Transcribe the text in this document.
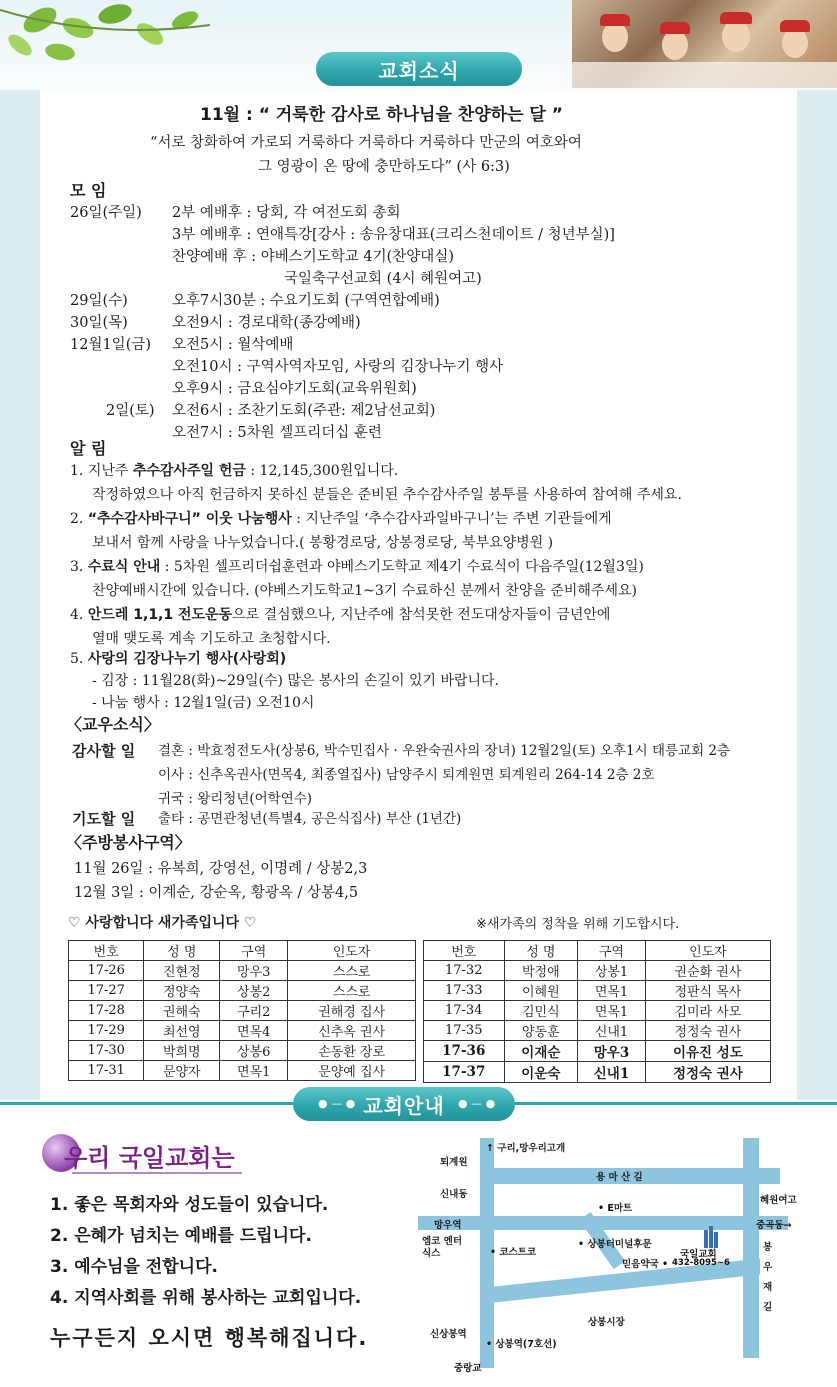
교회소식
11월 : “ 거룩한 감사로 하나님을 찬양하는 달 ”
“서로 창화하여 가로되 거룩하다 거룩하다 거룩하다 만군의 여호와여
그 영광이 온 땅에 충만하도다” (사 6:3)
모 임
26일(주일) 2부 예배후 : 당회, 각 여전도회 총회
3부 예배후 : 연애특강[강사 : 송유창대표(크리스천데이트 / 청년부실)]
찬양예배 후 : 야베스기도학교 4기(찬양대실)
국일축구선교회 (4시 혜원여고)
29일(수)	오후7시30분 : 수요기도회 (구역연합예배)
30일(목)	오전9시 : 경로대학(종강예배)
12월1일(금) 오전5시 : 월삭예배
오전10시 : 구역사역자모임, 사랑의 김장나누기 행사
오후9시 : 금요심야기도회(교육위원회)
2일(토) 오전6시 : 조찬기도회(주관: 제2남선교회)
오전7시 : 5차원 셀프리더십 훈련
알 림
1. 지난주 추수감사주일 헌금 : 12,145,300원입니다.
작정하였으나 아직 헌금하지 못하신 분들은 준비된 추수감사주일 봉투를 사용하여 참여해 주세요.
2. “추수감사바구니” 이웃 나눔행사 : 지난주일 ‘추수감사과일바구니’는 주변 기관들에게
보내서 함께 사랑을 나누었습니다.( 봉황경로당, 상봉경로당, 북부요양병원 )
3. 수료식 안내 : 5차원 셀프리더쉽훈련과 야베스기도학교 제4기 수료식이 다음주일(12월3일)
찬양예배시간에 있습니다. (야베스기도학교1~3기 수료하신 분께서 찬양을 준비해주세요)
4. 안드레 1,1,1 전도운동으로 결심했으나, 지난주에 참석못한 전도대상자들이 금년안에
열매 맺도록 계속 기도하고 초청합시다.
5. 사랑의 김장나누기 행사(사랑회)
- 김장 : 11월28(화)~29일(수) 많은 봉사의 손길이 있기 바랍니다.
- 나눔 행사 : 12월1일(금) 오전10시
〈교우소식〉
감사할 일 결혼 : 박효정전도사(상봉6, 박수민집사 · 우완숙권사의 장녀) 12월2일(토) 오후1시 태릉교회 2층
이사 : 신추옥권사(면목4, 최종열집사) 남양주시 퇴계원면 퇴계원리 264-14 2층 2호
귀국 : 왕리청년(어학연수)
기도할 일 출타 : 공면관청년(특별4, 공은식집사) 부산 (1년간)
〈주방봉사구역〉
11월 26일 : 유복희, 강영선, 이명례 / 상봉2,3
12월 3일 : 이계순, 강순옥, 황광옥 / 상봉4,5
♡ 사랑합니다 새가족입니다 ♡	※새가족의 정착을 위해 기도합시다.
번호	성 명	구역	인도자
17-26	진현정	망우3	스스로
17-27	정양숙	상봉2	스스로
17-28	권해숙	구리2	권해경 집사
17-29	최선영	면목4	신추옥 권사
17-30	박희명	상봉6	손동환 장로
17-31	문양자	면목1	문양예 집사
번호	성 명	구역	인도자
17-32	박정애	상봉1	권순화 권사
17-33	이혜원	면목1	정판식 목사
17-34	김민식	면목1	김미라 사모
17-35	양동훈	신내1	정정숙 권사
17-36	이재순	망우3	이유진 성도
17-37	이운숙	신내1	정정숙 권사
교회안내
● — ●	● — ●
우리 국일교회는
1. 좋은 목회자와 성도들이 있습니다.
2. 은혜가 넘치는 예배를 드립니다.
3. 예수님을 전합니다.
4. 지역사회를 위해 봉사하는 교회입니다.
누구든지 오시면 행복해집니다.
↑ 구리,망우리고개
퇴계원
용 마 산 길
신내동
• E마트
혜원여고
망우역	중곡동→
엠코 엔터식스	• 코스트코
• 상봉터미널후문
국일교회
432-8095~6
믿음약국 •
봉 우 재 길
상봉시장
신상봉역
• 상봉역(7호선)
중랑교
